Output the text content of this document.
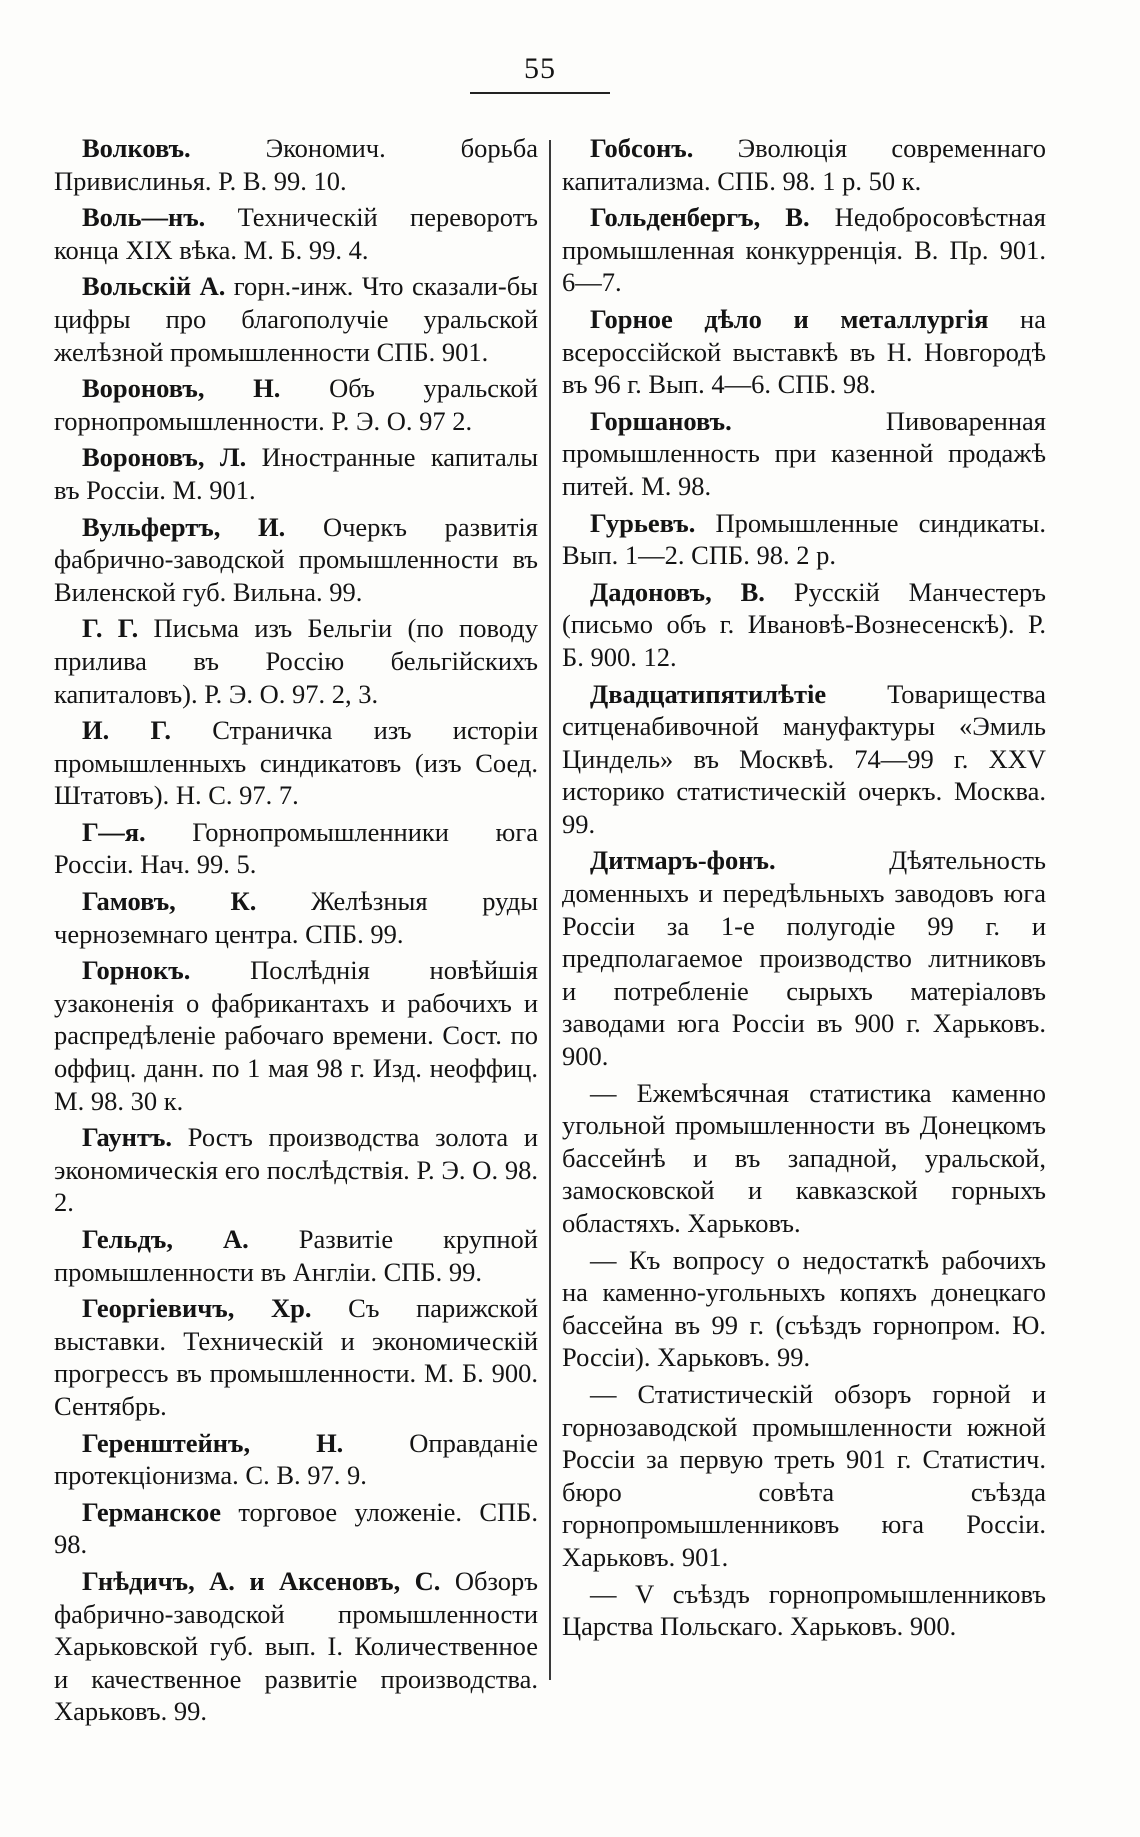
55

Волковъ. Экономич. борьба Привислинья. Р. В. 99. 10.

Воль—нъ. Техническій переворотъ конца XIX вѣка. М. Б. 99. 4.

Вольскій А. горн.-инж. Что сказали-бы цифры про благополучіе уральской желѣзной промышленности СПБ. 901.

Вороновъ, Н. Объ уральской горнопромышленности. Р. Э. О. 97 2.

Вороновъ, Л. Иностранные капиталы въ Россіи. М. 901.

Вульфертъ, И. Очеркъ развитія фабрично-заводской промышленности въ Виленской губ. Вильна. 99.

Г. Г. Письма изъ Бельгіи (по поводу прилива въ Россію бельгійскихъ капиталовъ). Р. Э. О. 97. 2, 3.

И. Г. Страничка изъ исторіи промышленныхъ синдикатовъ (изъ Соед. Штатовъ). Н. С. 97. 7.

Г—я. Горнопромышленники юга Россіи. Нач. 99. 5.

Гамовъ, К. Желѣзныя руды черноземнаго центра. СПБ. 99.

Горнокъ. Послѣднія новѣйшія узаконенія о фабрикантахъ и рабочихъ и распредѣленіе рабочаго времени. Сост. по оффиц. данн. по 1 мая 98 г. Изд. неоффиц. М. 98. 30 к.

Гаунтъ. Ростъ производства золота и экономическія его послѣдствія. Р. Э. О. 98. 2.

Гельдъ, А. Развитіе крупной промышленности въ Англіи. СПБ. 99.

Георгіевичъ, Хр. Съ парижской выставки. Техническій и экономическій прогрессъ въ промышленности. М. Б. 900. Сентябрь.

Геренштейнъ, Н. Оправданіе протекціонизма. С. В. 97. 9.

Германское торговое уложеніе. СПБ. 98.

Гнѣдичъ, А. и Аксеновъ, С. Обзоръ фабрично-заводской промышленности Харьковской губ. вып. I. Количественное и качественное развитіе производства. Харьковъ. 99.

Гобсонъ. Эволюція современнаго капитализма. СПБ. 98. 1 р. 50 к.

Гольденбергъ, В. Недобросовѣстная промышленная конкурренція. В. Пр. 901. 6—7.

Горное дѣло и металлургія на всероссійской выставкѣ въ Н. Новгородѣ въ 96 г. Вып. 4—6. СПБ. 98.

Горшановъ. Пивоваренная промышленность при казенной продажѣ питей. М. 98.

Гурьевъ. Промышленные синдикаты. Вып. 1—2. СПБ. 98. 2 р.

Дадоновъ, В. Русскій Манчестеръ (письмо объ г. Ивановѣ-Вознесенскѣ). Р. Б. 900. 12.

Двадцатипятилѣтіе Товарищества ситценабивочной мануфактуры «Эмиль Циндель» въ Москвѣ. 74—99 г. XXV историко статистическій очеркъ. Москва. 99.

Дитмаръ-фонъ. Дѣятельность доменныхъ и передѣльныхъ заводовъ юга Россіи за 1-е полугодіе 99 г. и предполагаемое производство литниковъ и потребленіе сырыхъ матеріаловъ заводами юга Россіи въ 900 г. Харьковъ. 900.

— Ежемѣсячная статистика каменно угольной промышленности въ Донецкомъ бассейнѣ и въ западной, уральской, замосковской и кавказской горныхъ областяхъ. Харьковъ.

— Къ вопросу о недостаткѣ рабочихъ на каменно-угольныхъ копяхъ донецкаго бассейна въ 99 г. (съѣздъ горнопром. Ю. Россіи). Харьковъ. 99.

— Статистическій обзоръ горной и горнозаводской промышленности южной Россіи за первую треть 901 г. Статистич. бюро совѣта съѣзда горнопромышленниковъ юга Россіи. Харьковъ. 901.

— V съѣздъ горнопромышленниковъ Царства Польскаго. Харьковъ. 900.
